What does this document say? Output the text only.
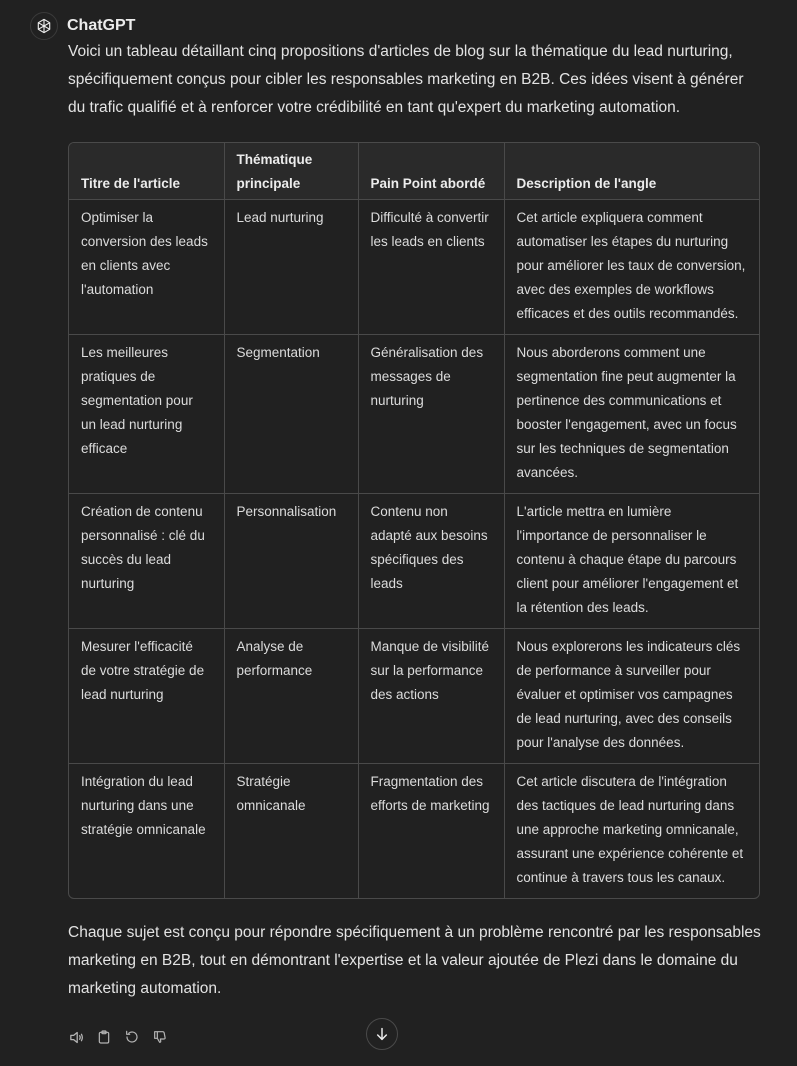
ChatGPT

Voici un tableau détaillant cinq propositions d'articles de blog sur la thématique du lead nurturing, spécifiquement conçus pour cibler les responsables marketing en B2B. Ces idées visent à générer du trafic qualifié et à renforcer votre crédibilité en tant qu'expert du marketing automation.

Titre de l'article	Thématique principale	Pain Point abordé	Description de l'angle
Optimiser la conversion des leads en clients avec l'automation	Lead nurturing	Difficulté à convertir les leads en clients	Cet article expliquera comment automatiser les étapes du nurturing pour améliorer les taux de conversion, avec des exemples de workflows efficaces et des outils recommandés.
Les meilleures pratiques de segmentation pour un lead nurturing efficace	Segmentation	Généralisation des messages de nurturing	Nous aborderons comment une segmentation fine peut augmenter la pertinence des communications et booster l'engagement, avec un focus sur les techniques de segmentation avancées.
Création de contenu personnalisé : clé du succès du lead nurturing	Personnalisation	Contenu non adapté aux besoins spécifiques des leads	L'article mettra en lumière l'importance de personnaliser le contenu à chaque étape du parcours client pour améliorer l'engagement et la rétention des leads.
Mesurer l'efficacité de votre stratégie de lead nurturing	Analyse de performance	Manque de visibilité sur la performance des actions	Nous explorerons les indicateurs clés de performance à surveiller pour évaluer et optimiser vos campagnes de lead nurturing, avec des conseils pour l'analyse des données.
Intégration du lead nurturing dans une stratégie omnicanale	Stratégie omnicanale	Fragmentation des efforts de marketing	Cet article discutera de l'intégration des tactiques de lead nurturing dans une approche marketing omnicanale, assurant une expérience cohérente et continue à travers tous les canaux.

Chaque sujet est conçu pour répondre spécifiquement à un problème rencontré par les responsables marketing en B2B, tout en démontrant l'expertise et la valeur ajoutée de Plezi dans le domaine du marketing automation.
